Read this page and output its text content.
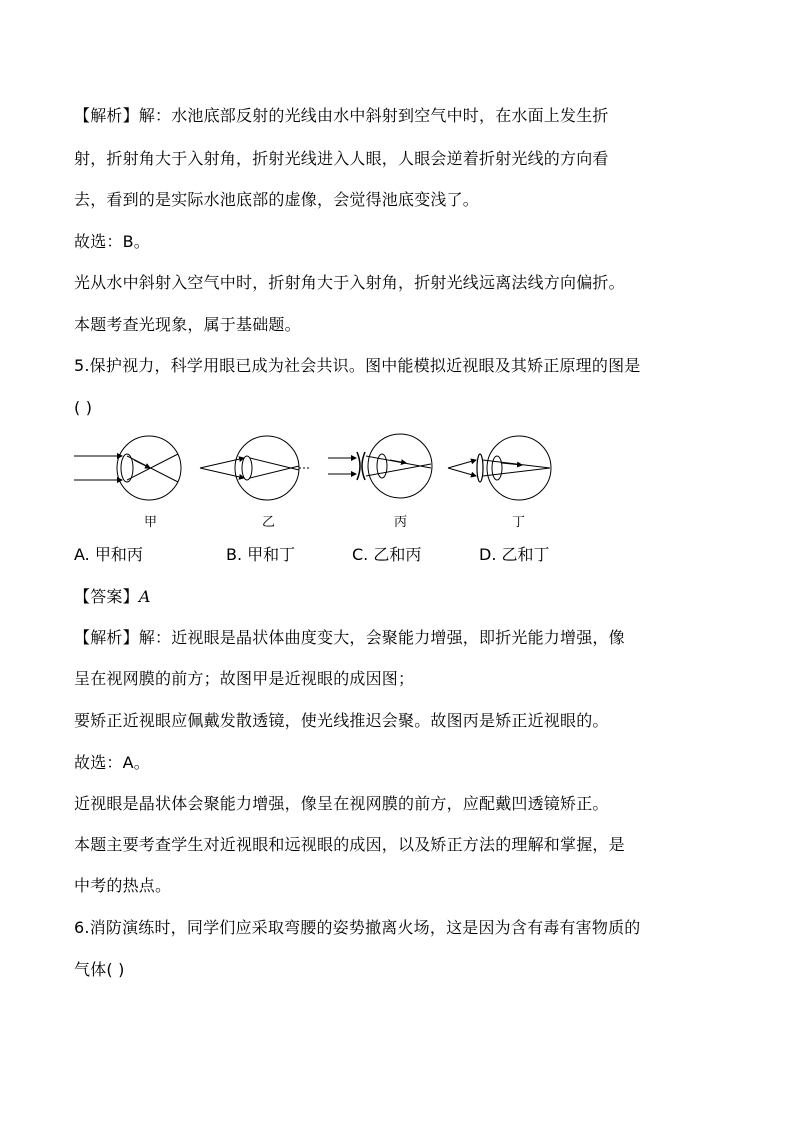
【解析】解：水池底部反射的光线由水中斜射到空气中时，在水面上发生折
射，折射角大于入射角，折射光线进入人眼，人眼会逆着折射光线的方向看
去，看到的是实际水池底部的虚像，会觉得池底变浅了。
故选：B。
光从水中斜射入空气中时，折射角大于入射角，折射光线远离法线方向偏折。
本题考查光现象，属于基础题。
5.保护视力，科学用眼已成为社会共识。图中能模拟近视眼及其矫正原理的图是
( )
甲	乙	丙	丁
A. 甲和丙	B. 甲和丁	C. 乙和丙	D. 乙和丁
【答案】A
【解析】解：近视眼是晶状体曲度变大，会聚能力增强，即折光能力增强，像
呈在视网膜的前方；故图甲是近视眼的成因图；
要矫正近视眼应佩戴发散透镜，使光线推迟会聚。故图丙是矫正近视眼的。
故选：A。
近视眼是晶状体会聚能力增强，像呈在视网膜的前方，应配戴凹透镜矫正。
本题主要考查学生对近视眼和远视眼的成因，以及矫正方法的理解和掌握，是
中考的热点。
6.消防演练时，同学们应采取弯腰的姿势撤离火场，这是因为含有毒有害物质的
气体( )
